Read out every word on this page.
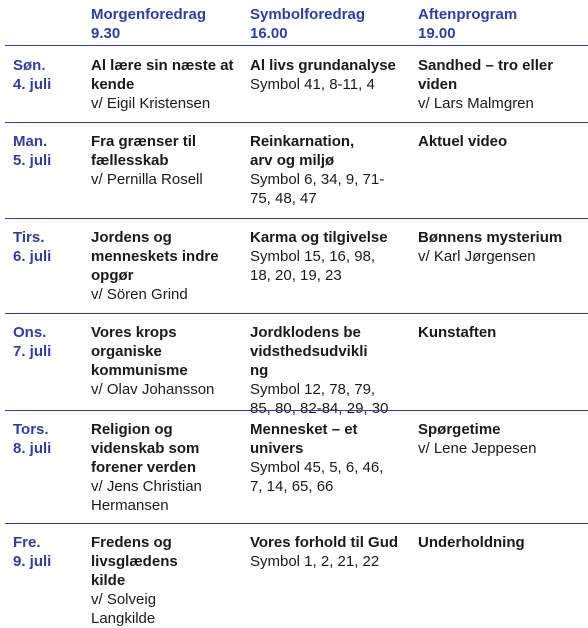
Morgenforedrag
9.30
Symbolforedrag
16.00
Aftenprogram
19.00
Søn.
4. juli
Al lære sin næste at kende
v/ Eigil Kristensen
Al livs grundanalyse
Symbol 41, 8-11, 4
Sandhed – tro eller viden
v/ Lars Malmgren
Man.
5. juli
Fra grænser til fællesskab
v/ Pernilla Rosell
Reinkarnation, arv og miljø
Symbol 6, 34, 9, 71-75, 48, 47
Aktuel video
Tirs.
6. juli
Jordens og menneskets indre opgør
v/ Sören Grind
Karma og tilgivelse
Symbol 15, 16, 98, 18, 20, 19, 23
Bønnens mysterium
v/ Karl Jørgensen
Ons.
7. juli
Vores krops organiske kommunisme
v/ Olav Johansson
Jordklodens bevidsthedsudvikling
Symbol 12, 78, 79, 85, 80, 82-84, 29, 30
Kunstaften
Tors.
8. juli
Religion og videnskab som forener verden
v/ Jens Christian Hermansen
Mennesket – et univers
Symbol 45, 5, 6, 46, 7, 14, 65, 66
Spørgetime
v/ Lene Jeppesen
Fre.
9. juli
Fredens og livsglædens kilde
v/ Solveig Langkilde
Vores forhold til Gud
Symbol 1, 2, 21, 22
Underholdning
